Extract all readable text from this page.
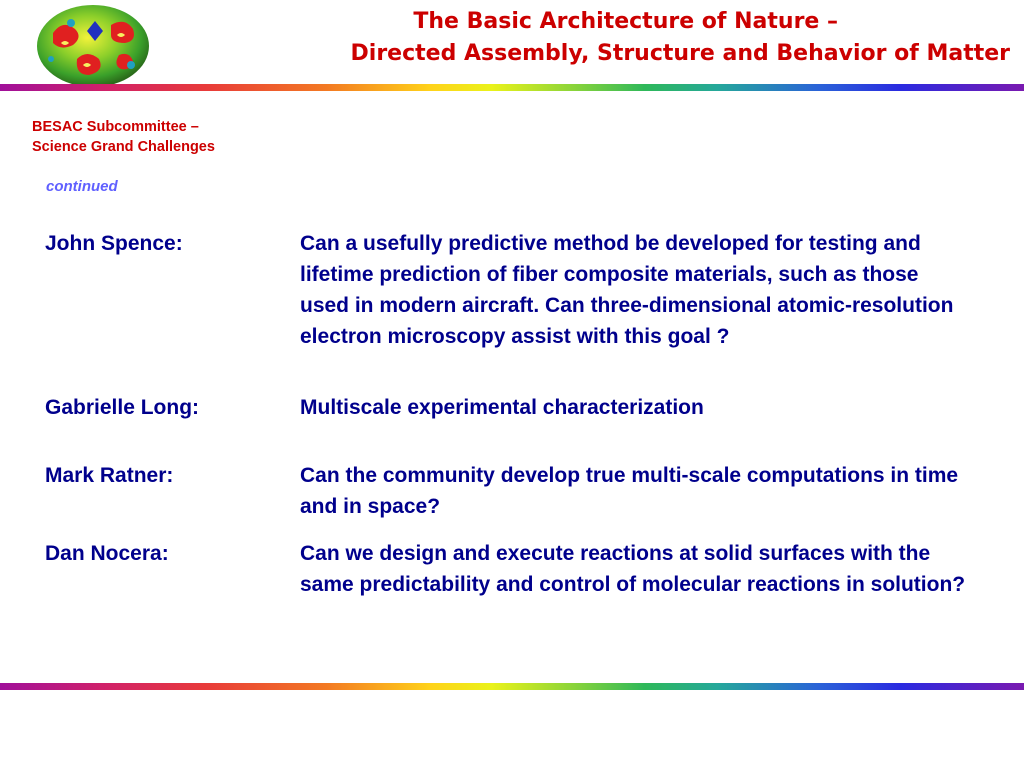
The Basic Architecture of Nature –
Directed Assembly, Structure and Behavior of Matter
BESAC Subcommittee –
Science Grand Challenges
continued
John Spence:	Can a usefully predictive method be developed for testing and lifetime prediction of fiber composite materials, such as those used in modern aircraft. Can three-dimensional atomic-resolution electron microscopy assist with this goal ?
Gabrielle Long:	Multiscale experimental characterization
Mark Ratner:	Can the community develop true multi-scale computations in time and in space?
Dan Nocera:	Can we design and execute reactions at solid surfaces with the same predictability and control of molecular reactions in solution?
